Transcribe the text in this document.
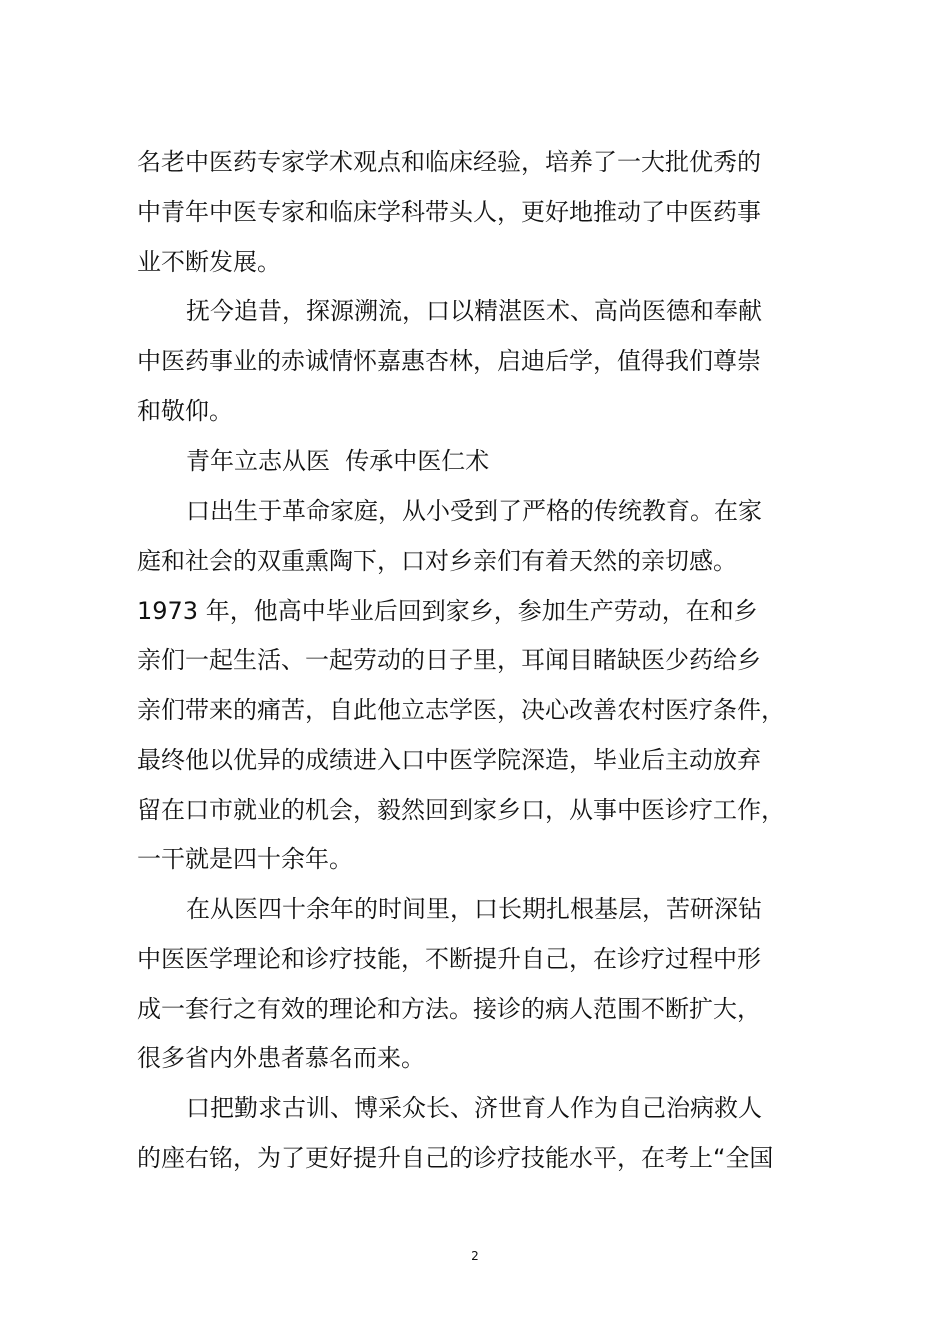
名老中医药专家学术观点和临床经验，培养了一大批优秀的

中青年中医专家和临床学科带头人，更好地推动了中医药事

业不断发展。

抚今追昔，探源溯流，口以精湛医术、高尚医德和奉献

中医药事业的赤诚情怀嘉惠杏林，启迪后学，值得我们尊崇

和敬仰。

青年立志从医  传承中医仁术

口出生于革命家庭，从小受到了严格的传统教育。在家

庭和社会的双重熏陶下，口对乡亲们有着天然的亲切感。

1973 年，他高中毕业后回到家乡，参加生产劳动，在和乡

亲们一起生活、一起劳动的日子里，耳闻目睹缺医少药给乡

亲们带来的痛苦，自此他立志学医，决心改善农村医疗条件，

最终他以优异的成绩进入口中医学院深造，毕业后主动放弃

留在口市就业的机会，毅然回到家乡口，从事中医诊疗工作，

一干就是四十余年。

在从医四十余年的时间里，口长期扎根基层，苦研深钻

中医医学理论和诊疗技能，不断提升自己，在诊疗过程中形

成一套行之有效的理论和方法。接诊的病人范围不断扩大，

很多省内外患者慕名而来。

口把勤求古训、博采众长、济世育人作为自己治病救人

的座右铭，为了更好提升自己的诊疗技能水平，在考上“全国

2
